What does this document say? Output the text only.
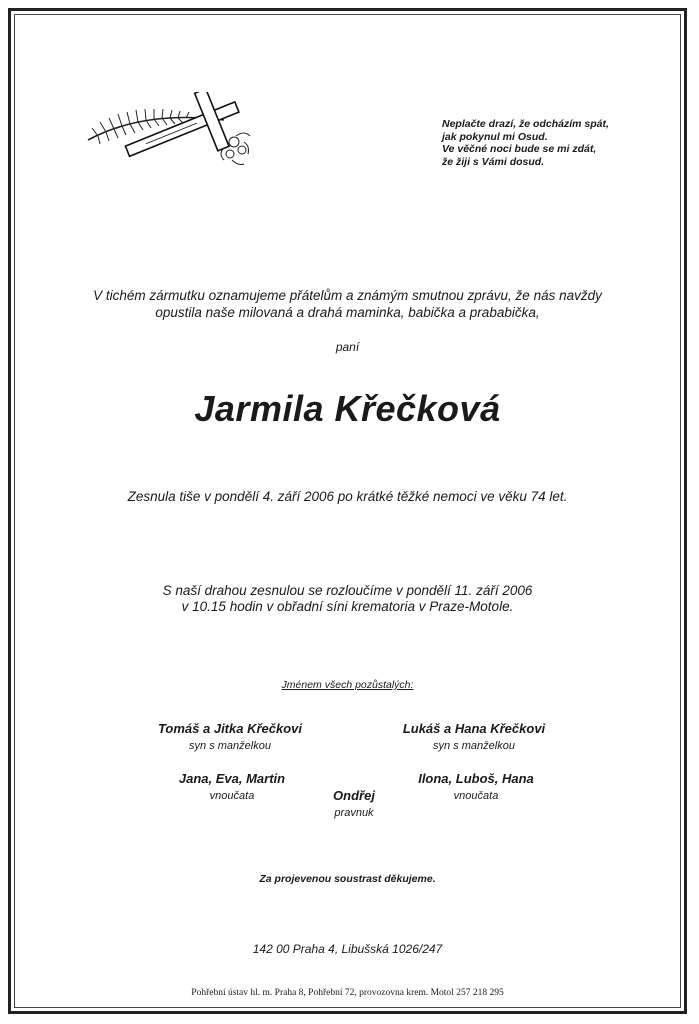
Neplačte drazí, že odcházím spát,
jak pokynul mi Osud.
Ve věčné noci bude se mi zdát,
že žiji s Vámi dosud.
V tichém zármutku oznamujeme přátelům a známým smutnou zprávu, že nás navždy
opustila naše milovaná a drahá maminka, babička a prababička,
paní
Jarmila Křečková
Zesnula tiše v pondělí 4. září 2006 po krátké těžké nemoci ve věku 74 let.
S naší drahou zesnulou se rozloučíme v pondělí 11. září 2006
v 10.15 hodin v obřadní síni krematoria v Praze-Motole.
Jménem všech pozůstalých:
Tomáš a Jitka Křečkovi
syn s manželkou
Lukáš a Hana Křečkovi
syn s manželkou
Jana, Eva, Martin
vnoučata
Ilona, Luboš, Hana
vnoučata
Ondřej
pravnuk
Za projevenou soustrast děkujeme.
142 00 Praha 4, Libušská 1026/247
Pohřební ústav hl. m. Praha 8, Pohřební 72, provozovna krem. Motol 257 218 295
